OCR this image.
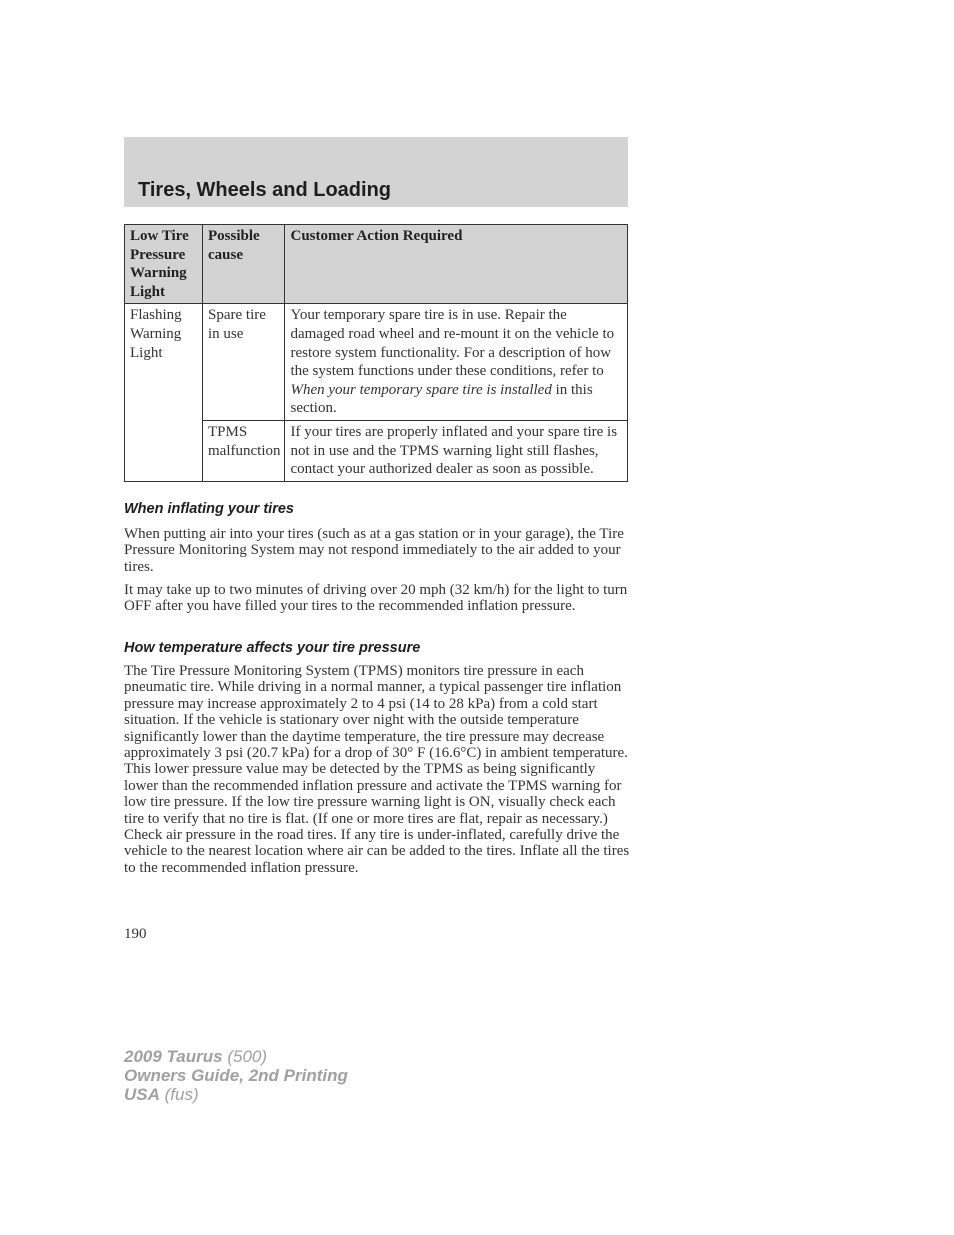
Tires, Wheels and Loading
Low Tire Pressure Warning Light	Possible cause	Customer Action Required
Flashing Warning Light	Spare tire in use	Your temporary spare tire is in use. Repair the damaged road wheel and re-mount it on the vehicle to restore system functionality. For a description of how the system functions under these conditions, refer to When your temporary spare tire is installed in this section.
	TPMS malfunction	If your tires are properly inflated and your spare tire is not in use and the TPMS warning light still flashes, contact your authorized dealer as soon as possible.
When inflating your tires

When putting air into your tires (such as at a gas station or in your garage), the Tire Pressure Monitoring System may not respond immediately to the air added to your tires.

It may take up to two minutes of driving over 20 mph (32 km/h) for the light to turn OFF after you have filled your tires to the recommended inflation pressure.

How temperature affects your tire pressure

The Tire Pressure Monitoring System (TPMS) monitors tire pressure in each pneumatic tire. While driving in a normal manner, a typical passenger tire inflation pressure may increase approximately 2 to 4 psi (14 to 28 kPa) from a cold start situation. If the vehicle is stationary over night with the outside temperature significantly lower than the daytime temperature, the tire pressure may decrease approximately 3 psi (20.7 kPa) for a drop of 30° F (16.6°C) in ambient temperature. This lower pressure value may be detected by the TPMS as being significantly lower than the recommended inflation pressure and activate the TPMS warning for low tire pressure. If the low tire pressure warning light is ON, visually check each tire to verify that no tire is flat. (If one or more tires are flat, repair as necessary.) Check air pressure in the road tires. If any tire is under-inflated, carefully drive the vehicle to the nearest location where air can be added to the tires. Inflate all the tires to the recommended inflation pressure.

190

2009 Taurus (500)
Owners Guide, 2nd Printing
USA (fus)
